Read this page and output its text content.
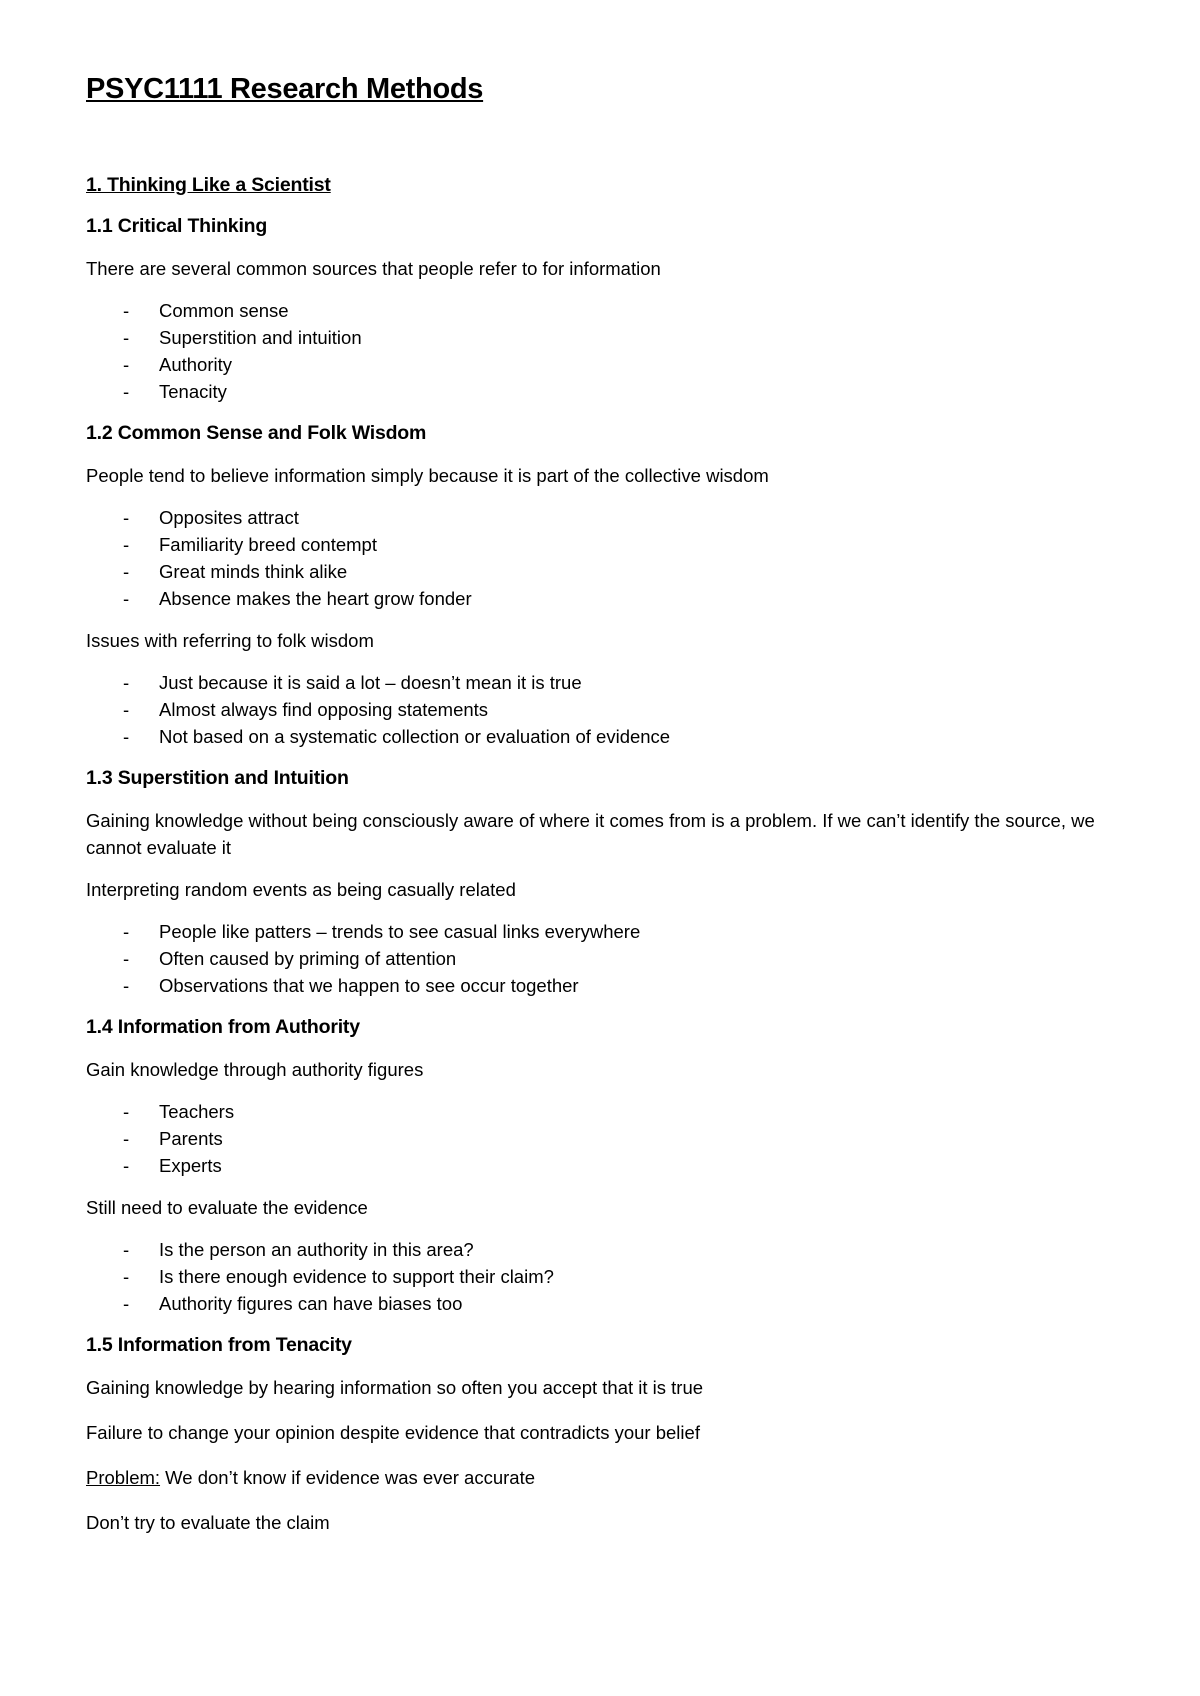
PSYC1111 Research Methods
1. Thinking Like a Scientist
1.1 Critical Thinking

There are several common sources that people refer to for information

- Common sense
- Superstition and intuition
- Authority
- Tenacity
1.2 Common Sense and Folk Wisdom

People tend to believe information simply because it is part of the collective wisdom

- Opposites attract
- Familiarity breed contempt
- Great minds think alike
- Absence makes the heart grow fonder

Issues with referring to folk wisdom

- Just because it is said a lot – doesn’t mean it is true
- Almost always find opposing statements
- Not based on a systematic collection or evaluation of evidence
1.3 Superstition and Intuition

Gaining knowledge without being consciously aware of where it comes from is a problem. If we can’t identify the source, we cannot evaluate it

Interpreting random events as being casually related

- People like patters – trends to see casual links everywhere
- Often caused by priming of attention
- Observations that we happen to see occur together
1.4 Information from Authority

Gain knowledge through authority figures

- Teachers
- Parents
- Experts

Still need to evaluate the evidence

- Is the person an authority in this area?
- Is there enough evidence to support their claim?
- Authority figures can have biases too
1.5 Information from Tenacity

Gaining knowledge by hearing information so often you accept that it is true

Failure to change your opinion despite evidence that contradicts your belief

Problem: We don’t know if evidence was ever accurate

Don’t try to evaluate the claim
